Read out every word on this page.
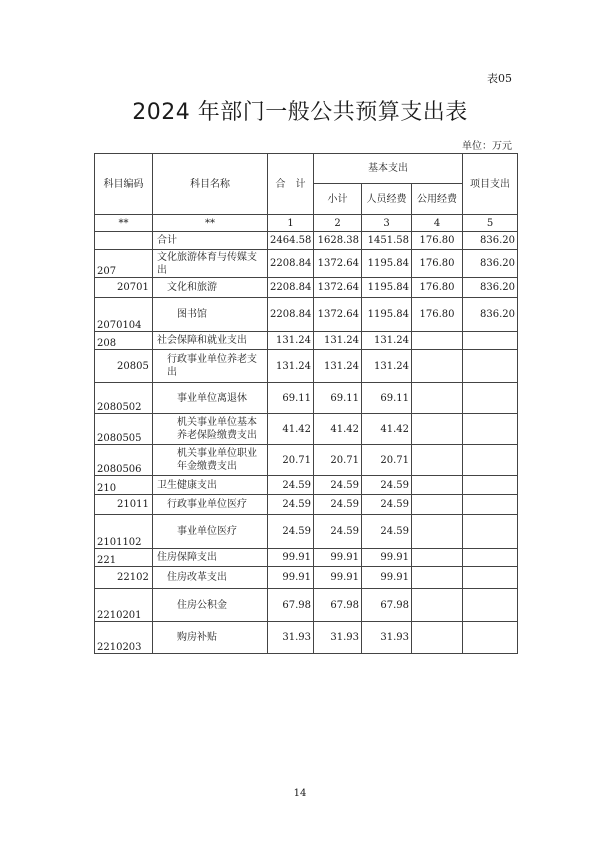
表05
2024 年部门一般公共预算支出表
单位：万元
科目编码	科目名称	合　计	基本支出			项目支出
			小计	人员经费	公用经费	
**	**	1	2	3	4	5
	合计	2464.58	1628.38	1451.58	176.80	836.20
207	文化旅游体育与传媒支出	2208.84	1372.64	1195.84	176.80	836.20
20701	文化和旅游	2208.84	1372.64	1195.84	176.80	836.20
2070104	图书馆	2208.84	1372.64	1195.84	176.80	836.20
208	社会保障和就业支出	131.24	131.24	131.24		
20805	行政事业单位养老支出	131.24	131.24	131.24		
2080502	事业单位离退休	69.11	69.11	69.11		
2080505	机关事业单位基本养老保险缴费支出	41.42	41.42	41.42		
2080506	机关事业单位职业年金缴费支出	20.71	20.71	20.71		
210	卫生健康支出	24.59	24.59	24.59		
21011	行政事业单位医疗	24.59	24.59	24.59		
2101102	事业单位医疗	24.59	24.59	24.59		
221	住房保障支出	99.91	99.91	99.91		
22102	住房改革支出	99.91	99.91	99.91		
2210201	住房公积金	67.98	67.98	67.98		
2210203	购房补贴	31.93	31.93	31.93		
14
